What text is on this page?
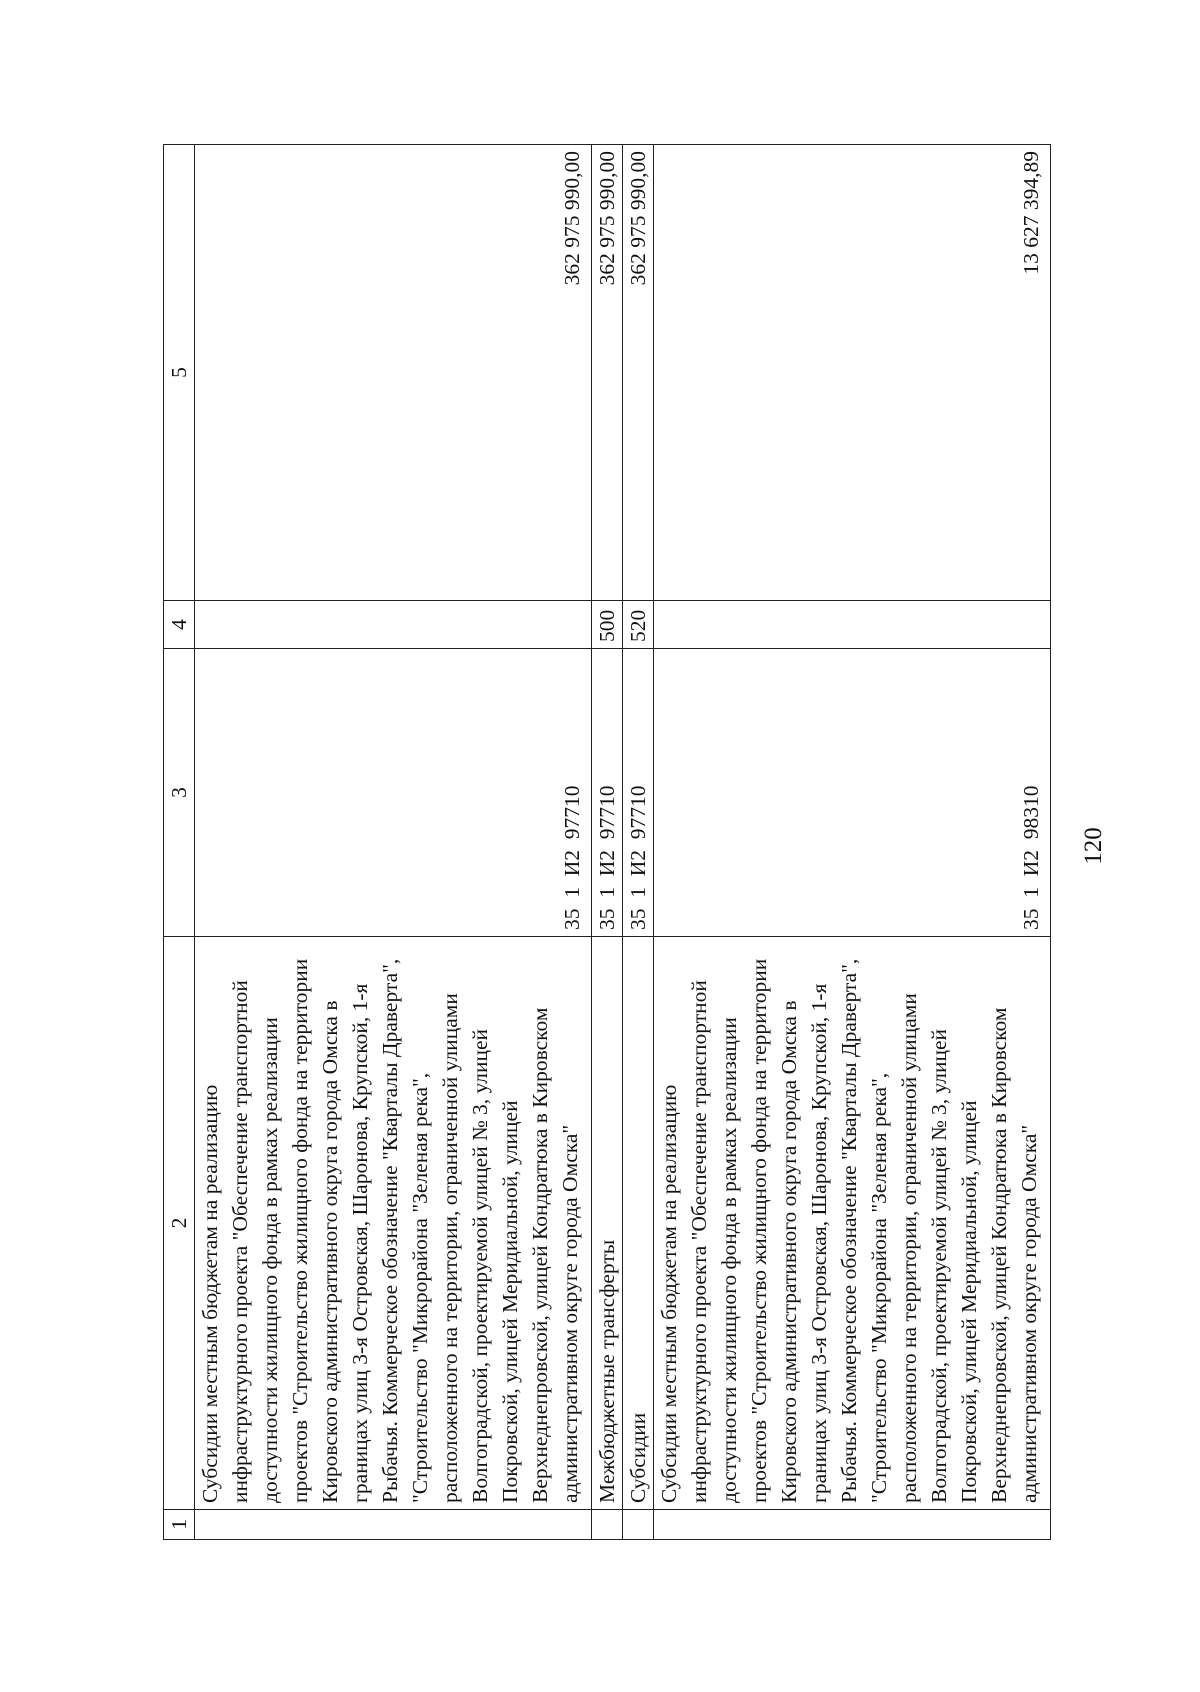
120
1	2	3	4	5
	Субсидии местным бюджетам на реализацию инфраструктурного проекта "Обеспечение транспортной доступности жилищного фонда в рамках реализации проектов "Строительство жилищного фонда на территории Кировского административного округа города Омска в границах улиц 3-я Островская, Шаронова, Крупской, 1-я Рыбачья. Коммерческое обозначение "Кварталы Драверта", "Строительство "Микрорайона "Зеленая река", расположенного на территории, ограниченной улицами Волгоградской, проектируемой улицей № 3, улицей Покровской, улицей Меридиальной, улицей Верхнеднепровской, улицей Кондратюка в Кировском административном округе города Омска"	35  1  И2  97710		362 975 990,00
	Межбюджетные трансферты	35  1  И2  97710	500	362 975 990,00
	Субсидии	35  1  И2  97710	520	362 975 990,00
	Субсидии местным бюджетам на реализацию инфраструктурного проекта "Обеспечение транспортной доступности жилищного фонда в рамках реализации проектов "Строительство жилищного фонда на территории Кировского административного округа города Омска в границах улиц 3-я Островская, Шаронова, Крупской, 1-я Рыбачья. Коммерческое обозначение "Кварталы Драверта", "Строительство "Микрорайона "Зеленая река", расположенного на территории, ограниченной улицами Волгоградской, проектируемой улицей № 3, улицей Покровской, улицей Меридиальной, улицей Верхнеднепровской, улицей Кондратюка в Кировском административном округе города Омска"	35  1  И2  98310		13 627 394,89
